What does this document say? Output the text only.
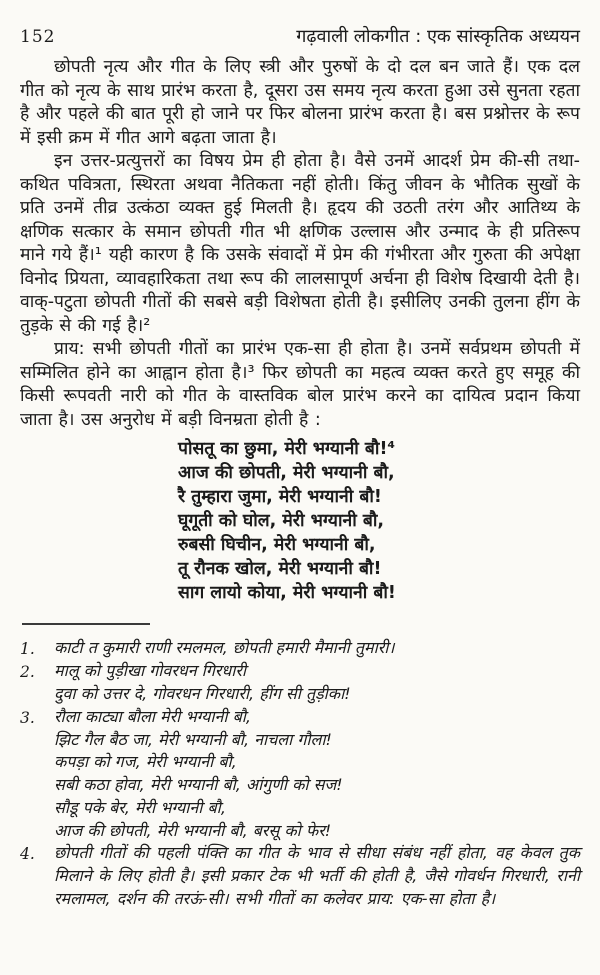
152	गढ़वाली लोकगीत : एक सांस्कृतिक अध्ययन

छोपती नृत्य और गीत के लिए स्त्री और पुरुषों के दो दल बन जाते हैं। एक दल गीत को नृत्य के साथ प्रारंभ करता है, दूसरा उस समय नृत्य करता हुआ उसे सुनता रहता है और पहले की बात पूरी हो जाने पर फिर बोलना प्रारंभ करता है। बस प्रश्नोत्तर के रूप में इसी क्रम में गीत आगे बढ़ता जाता है।

इन उत्तर-प्रत्युत्तरों का विषय प्रेम ही होता है। वैसे उनमें आदर्श प्रेम की-सी तथा-कथित पवित्रता, स्थिरता अथवा नैतिकता नहीं होती। किंतु जीवन के भौतिक सुखों के प्रति उनमें तीव्र उत्कंठा व्यक्त हुई मिलती है। हृदय की उठती तरंग और आतिथ्य के क्षणिक सत्कार के समान छोपती गीत भी क्षणिक उल्लास और उन्माद के ही प्रतिरूप माने गये हैं।¹ यही कारण है कि उसके संवादों में प्रेम की गंभीरता और गुरुता की अपेक्षा विनोद प्रियता, व्यावहारिकता तथा रूप की लालसापूर्ण अर्चना ही विशेष दिखायी देती है। वाक्-पटुता छोपती गीतों की सबसे बड़ी विशेषता होती है। इसीलिए उनकी तुलना हींग के तुड़के से की गई है।²

प्राय: सभी छोपती गीतों का प्रारंभ एक-सा ही होता है। उनमें सर्वप्रथम छोपती में सम्मिलित होने का आह्वान होता है।³ फिर छोपती का महत्व व्यक्त करते हुए समूह की किसी रूपवती नारी को गीत के वास्तविक बोल प्रारंभ करने का दायित्व प्रदान किया जाता है। उस अनुरोध में बड़ी विनम्रता होती है :

पोसतू का छुमा, मेरी भग्यानी बौ!⁴
आज की छोपती, मेरी भग्यानी बौ,
रै तुम्हारा जुमा, मेरी भग्यानी बौ!
घूगूती को घोल, मेरी भग्यानी बौ,
रुबसी घिचीन, मेरी भग्यानी बौ,
तू रौनक खोल, मेरी भग्यानी बौ!
साग लायो कोया, मेरी भग्यानी बौ!
1.	काटी त कुमारी राणी रमलमल, छोपती हमारी मैमानी तुमारी।
2.	मालू को पुड़ीखा गोवरधन गिरधारी
दुवा को उत्तर दे, गोवरधन गिरधारी, हींग सी तुड़ीका!
3.	रौला काट्या बौला मेरी भग्यानी बौ,
झिट गैल बैठ जा, मेरी भग्यानी बौ, नाचला गौला!
कपड़ा को गज, मेरी भग्यानी बौ,
सबी कठा होवा, मेरी भग्यानी बौ, आंगुणी को सज!
सौडू पके बेर, मेरी भग्यानी बौ,
आज की छोपती, मेरी भग्यानी बौ, बरसू को फेर!
4.	छोपती गीतों की पहली पंक्ति का गीत के भाव से सीधा संबंध नहीं होता, वह केवल तुक मिलाने के लिए होती है। इसी प्रकार टेक भी भर्ती की होती है, जैसे गोवर्धन गिरधारी, रानी रमलामल, दर्शन की तरऊं-सी। सभी गीतों का कलेवर प्राय: एक-सा होता है।
